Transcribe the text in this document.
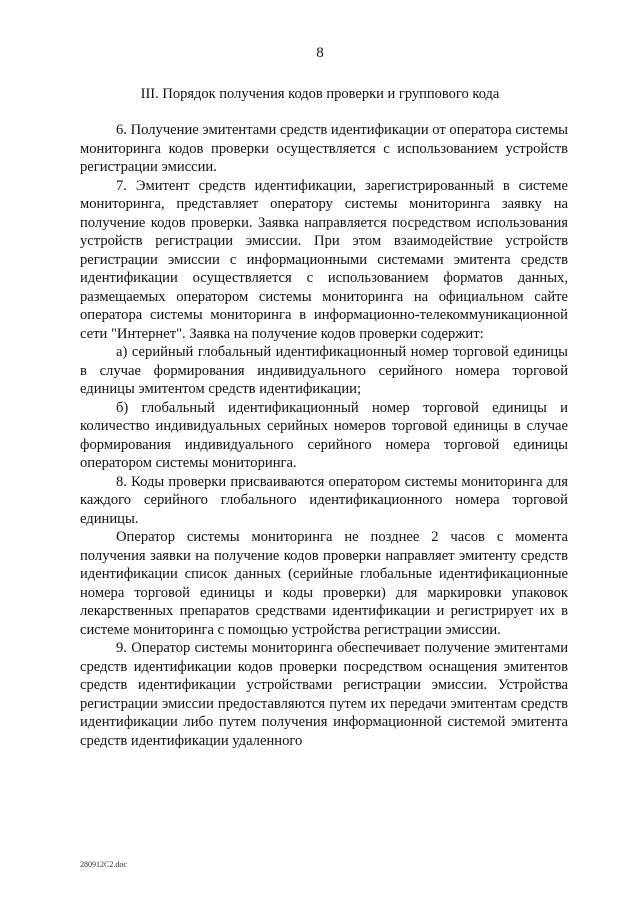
8
III. Порядок получения кодов проверки и группового кода

6. Получение эмитентами средств идентификации от оператора системы мониторинга кодов проверки осуществляется с использованием устройств регистрации эмиссии.

7. Эмитент средств идентификации, зарегистрированный в системе мониторинга, представляет оператору системы мониторинга заявку на получение кодов проверки. Заявка направляется посредством использования устройств регистрации эмиссии. При этом взаимодействие устройств регистрации эмиссии с информационными системами эмитента средств идентификации осуществляется с использованием форматов данных, размещаемых оператором системы мониторинга на официальном сайте оператора системы мониторинга в информационно-телекоммуникационной сети "Интернет". Заявка на получение кодов проверки содержит:

а) серийный глобальный идентификационный номер торговой единицы в случае формирования индивидуального серийного номера торговой единицы эмитентом средств идентификации;

б) глобальный идентификационный номер торговой единицы и количество индивидуальных серийных номеров торговой единицы в случае формирования индивидуального серийного номера торговой единицы оператором системы мониторинга.

8. Коды проверки присваиваются оператором системы мониторинга для каждого серийного глобального идентификационного номера торговой единицы.

Оператор системы мониторинга не позднее 2 часов с момента получения заявки на получение кодов проверки направляет эмитенту средств идентификации список данных (серийные глобальные идентификационные номера торговой единицы и коды проверки) для маркировки упаковок лекарственных препаратов средствами идентификации и регистрирует их в системе мониторинга с помощью устройства регистрации эмиссии.

9. Оператор системы мониторинга обеспечивает получение эмитентами средств идентификации кодов проверки посредством оснащения эмитентов средств идентификации устройствами регистрации эмиссии. Устройства регистрации эмиссии предоставляются путем их передачи эмитентам средств идентификации либо путем получения информационной системой эмитента средств идентификации удаленного

280912C2.doc
